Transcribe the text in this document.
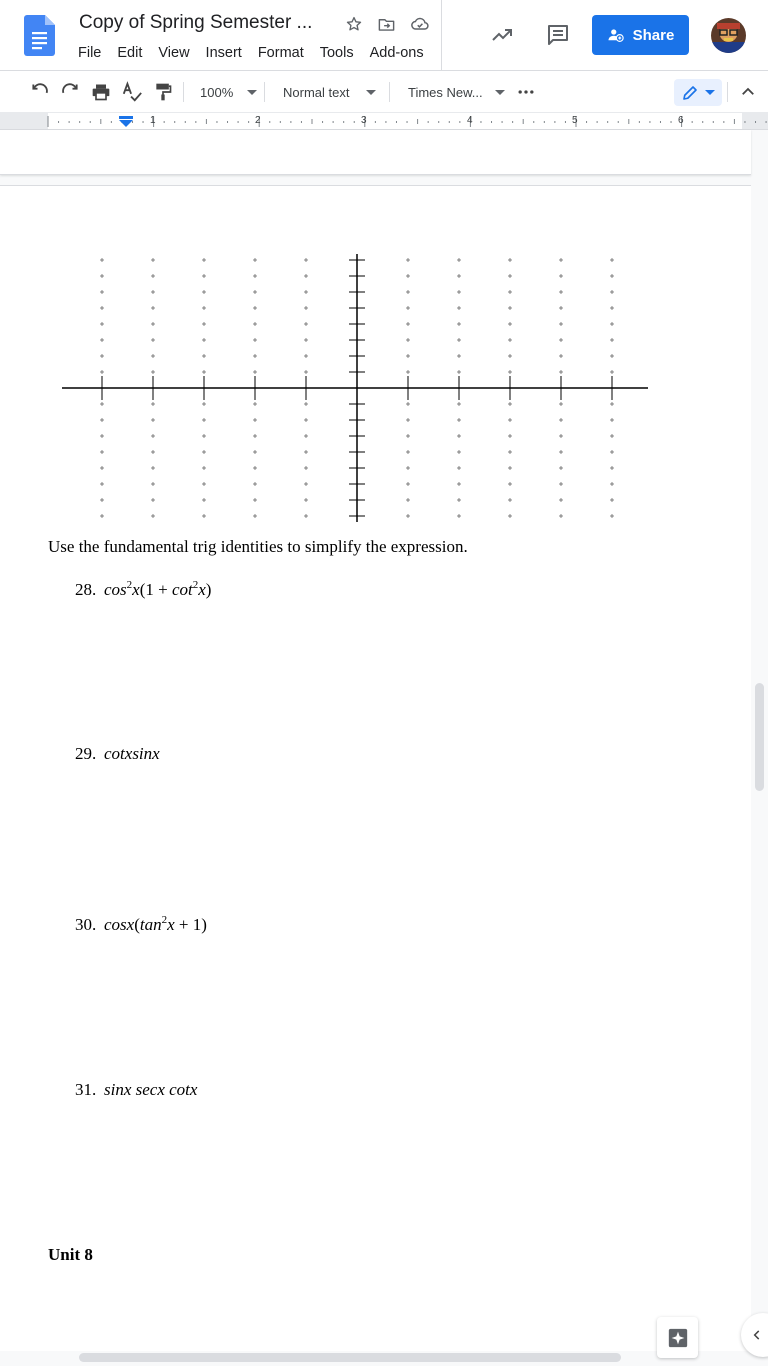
Copy of Spring Semester ...
File	Edit	View	Insert	Format	Tools	Add-ons
Share
100%	Normal text	Times New...
1	2	3	4	5	6
Use the fundamental trig identities to simplify the expression.
28. $\cos^2x(1 + \cot^2x)$
29. cotxsinx
30. $\cos x(\tan^2x + 1)$
31. sinx secx cotx
Unit 8
